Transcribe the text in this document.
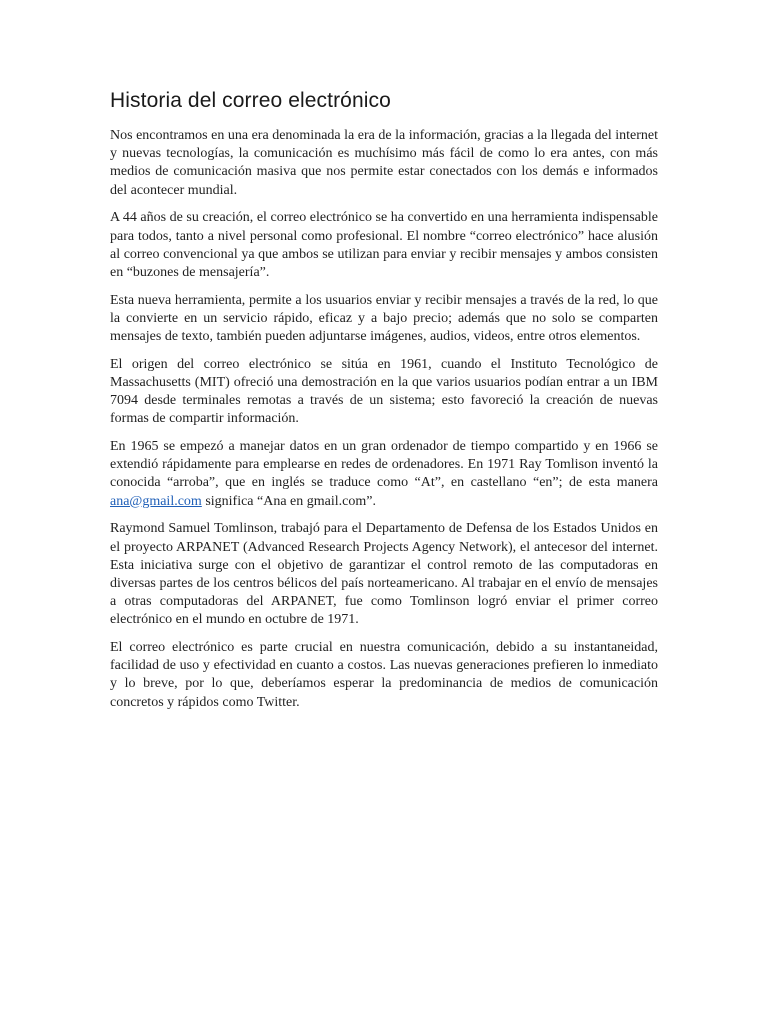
Historia del correo electrónico

Nos encontramos en una era denominada la era de la información, gracias a la llegada del internet y nuevas tecnologías, la comunicación es muchísimo más fácil de como lo era antes, con más medios de comunicación masiva que nos permite estar conectados con los demás e informados del acontecer mundial.

A 44 años de su creación, el correo electrónico se ha convertido en una herramienta indispensable para todos, tanto a nivel personal como profesional. El nombre “correo electrónico” hace alusión al correo convencional ya que ambos se utilizan para enviar y recibir mensajes y ambos consisten en “buzones de mensajería”.

Esta nueva herramienta, permite a los usuarios enviar y recibir mensajes a través de la red, lo que la convierte en un servicio rápido, eficaz y a bajo precio; además que no solo se comparten mensajes de texto, también pueden adjuntarse imágenes, audios, videos, entre otros elementos.

El origen del correo electrónico se sitúa en 1961, cuando el Instituto Tecnológico de Massachusetts (MIT) ofreció una demostración en la que varios usuarios podían entrar a un IBM 7094 desde terminales remotas a través de un sistema; esto favoreció la creación de nuevas formas de compartir información.

En 1965 se empezó a manejar datos en un gran ordenador de tiempo compartido y en 1966 se extendió rápidamente para emplearse en redes de ordenadores. En 1971 Ray Tomlison inventó la conocida “arroba”, que en inglés se traduce como “At”, en castellano “en”; de esta manera ana@gmail.com significa “Ana en gmail.com”.

Raymond Samuel Tomlinson, trabajó para el Departamento de Defensa de los Estados Unidos en el proyecto ARPANET (Advanced Research Projects Agency Network), el antecesor del internet. Esta iniciativa surge con el objetivo de garantizar el control remoto de las computadoras en diversas partes de los centros bélicos del país norteamericano. Al trabajar en el envío de mensajes a otras computadoras del ARPANET, fue como Tomlinson logró enviar el primer correo electrónico en el mundo en octubre de 1971.

El correo electrónico es parte crucial en nuestra comunicación, debido a su instantaneidad, facilidad de uso y efectividad en cuanto a costos. Las nuevas generaciones prefieren lo inmediato y lo breve, por lo que, deberíamos esperar la predominancia de medios de comunicación concretos y rápidos como Twitter.
